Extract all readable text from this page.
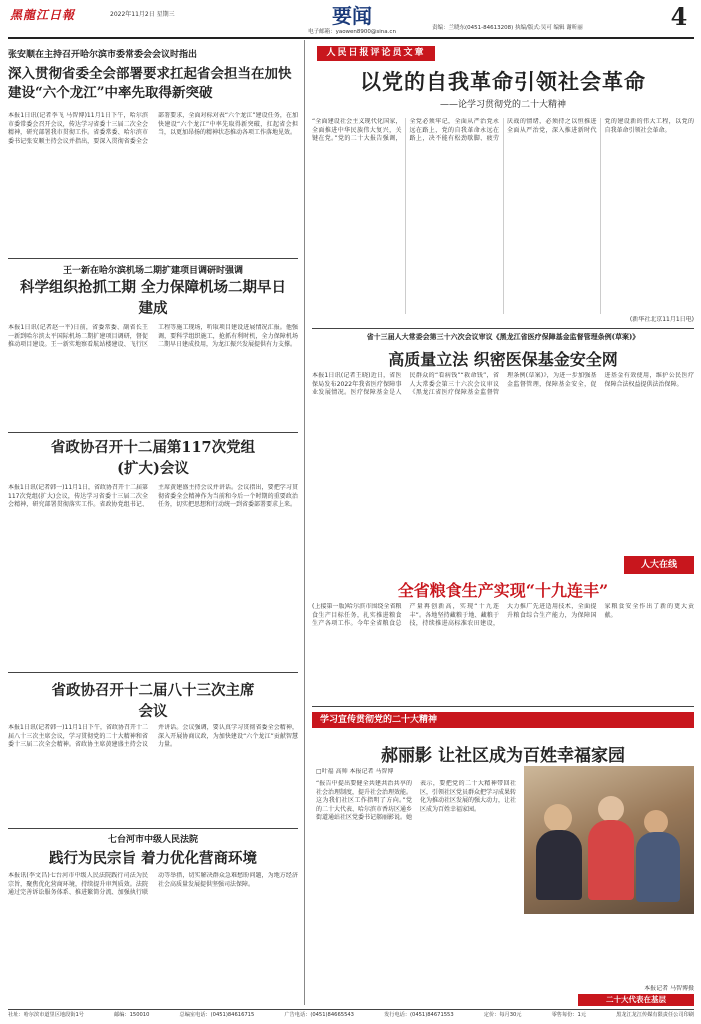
黑龍江日報	2022年11月2日 星期三	要闻
电子邮箱：yaowen8900@sina.cn
责编：兰晓东(0451-84613208) 执编/版式:吴可 编辑 谢昕丽	4
张安顺在主持召开哈尔滨市委常委会会议时指出
深入贯彻省委全会部署要求扛起省会担当在加快建设“六个龙江”中率先取得新突破
本报1日讯(记者李飞 马智博)11月1日下午，哈尔滨市委常委会召开会议，传达学习省委十三届二次全会精神，研究部署我市贯彻工作。省委常委、哈尔滨市委书记张安顺主持会议并指出，要深入贯彻省委全会部署要求，全面对标对表“六个龙江”建设任务，在加快建设“六个龙江”中率先取得新突破，扛起省会担当，以更加昂扬的精神状态推动各项工作落地见效。
王一新在哈尔滨机场二期扩建项目调研时强调
科学组织抢抓工期 全力保障机场二期早日建成
本报1日讯(记者赵一平)日前，省委常委、副省长王一新到哈尔滨太平国际机场二期扩建项目调研，督促推动项目建设。王一新实地察看航站楼建设、飞行区工程等施工现场，听取项目建设进展情况汇报。他强调，要科学组织施工，抢抓有利时机，全力保障机场二期早日建成投用，为龙江振兴发展提供有力支撑。
省政协召开十二届第117次党组(扩大)会议
本报1日讯(记者韩一)11月1日，省政协召开十二届第117次党组(扩大)会议，传达学习省委十三届二次全会精神，研究部署贯彻落实工作。省政协党组书记、主席黄建盛主持会议并讲话。会议指出，要把学习贯彻省委全会精神作为当前和今后一个时期的重要政治任务，切实把思想和行动统一到省委部署要求上来。
省政协召开十二届八十三次主席会议
本报1日讯(记者韩一)11月1日下午，省政协召开十二届八十三次主席会议，学习贯彻党的二十大精神和省委十三届二次全会精神。省政协主席黄建盛主持会议并讲话。会议强调，要认真学习贯彻省委全会精神，深入开展协商议政，为加快建设“六个龙江”贡献智慧力量。
七台河市中级人民法院
践行为民宗旨 着力优化营商环境
本报讯(李文昌)七台河市中级人民法院践行司法为民宗旨，聚焦优化营商环境，持续提升审判质效。法院通过完善诉讼服务体系、推进繁简分流、加强执行联动等举措，切实解决群众急难愁盼问题，为地方经济社会高质量发展提供坚强司法保障。
人民日报评论员文章
以党的自我革命引领社会革命
——论学习贯彻党的二十大精神
“全面建设社会主义现代化国家，全面推进中华民族伟大复兴，关键在党。”党的二十大报告强调，全党必须牢记，全面从严治党永远在路上，党的自我革命永远在路上，决不能有松劲歇脚、疲劳厌战的情绪，必须持之以恒推进全面从严治党，深入推进新时代党的建设新的伟大工程，以党的自我革命引领社会革命。
(新华社北京11月1日电)
省十三届人大常委会第三十六次会议审议《黑龙江省医疗保障基金监督管理条例(草案)》
高质量立法 织密医保基金安全网
本报1日讯(记者王晓)近日，省医保局发布2022年我省医疗保障事业发展情况。医疗保障基金是人民群众的“看病钱”“救命钱”，省人大常委会第三十六次会议审议《黑龙江省医疗保障基金监督管理条例(草案)》，为进一步加强基金监督管理，保障基金安全，促进基金有效使用，维护公民医疗保障合法权益提供法治保障。
人大在线
全省粮食生产实现“十九连丰”
(上接第一版)哈尔滨市围绕全省粮食生产目标任务，扎实推进粮食生产各项工作。今年全省粮食总产量再创新高，实现“十九连丰”。各地坚持藏粮于地、藏粮于技，持续推进高标准农田建设，大力推广先进适用技术，全面提升粮食综合生产能力，为保障国家粮食安全作出了新的更大贡献。
学习宣传贯彻党的二十大精神
郝丽影 让社区成为百姓幸福家园
□叶福 高帅 本报记者 马智博
“报告中提出要健全共建共治共享的社会治理制度，提升社会治理效能。这为我们社区工作指明了方向。”党的二十大代表、哈尔滨市香坊区通乡街道通站社区党委书记郝丽影说。她表示，要把党的二十大精神带回社区，引领社区党员群众把学习成果转化为推动社区发展的强大动力，让社区成为百姓幸福家园。
本报记者 马智博摄
二十大代表在基层
社址：哈尔滨市道里区地段街1号	邮编：150010	总编室电话：(0451)84616715	广告电话：(0451)84665543	发行电话：(0451)84671553	定价：每月30元	零售每份：1元	黑龙江龙江传媒有限责任公司印刷
